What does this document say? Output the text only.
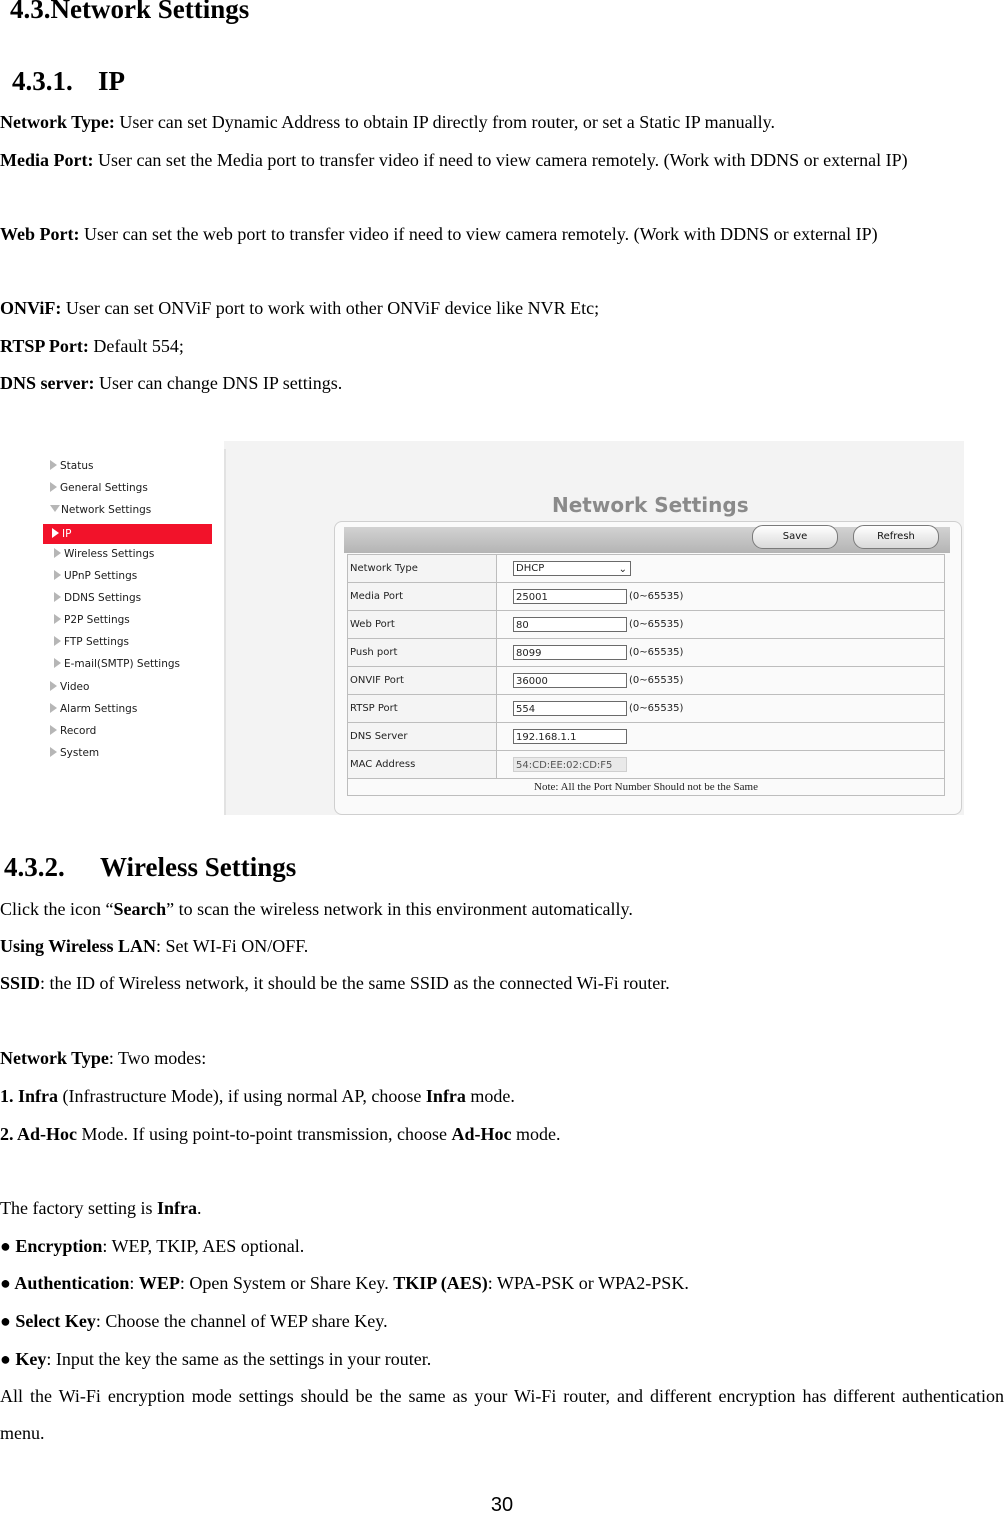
4.3.Network Settings
4.3.1. IP
Network Type: User can set Dynamic Address to obtain IP directly from router, or set a Static IP manually.
Media Port: User can set the Media port to transfer video if need to view camera remotely. (Work with DDNS or external IP)
Web Port: User can set the web port to transfer video if need to view camera remotely. (Work with DDNS or external IP)
ONViF: User can set ONViF port to work with other ONViF device like NVR Etc;
RTSP Port: Default 554;
DNS server: User can change DNS IP settings.
Status
General Settings
Network Settings
IP
Wireless Settings
UPnP Settings
DDNS Settings
P2P Settings
FTP Settings
E-mail(SMTP) Settings
Video
Alarm Settings
Record
System
Network Settings
Save	Refresh
Network Type	DHCP ⌄

Media Port	25001 (0~65535)
Web Port	80 (0~65535)
Push port	8099 (0~65535)
ONVIF Port	36000 (0~65535)
RTSP Port	554 (0~65535)
DNS Server	192.168.1.1
MAC Address	54:CD:EE:02:CD:F5
Note: All the Port Number Should not be the Same	
4.3.2. Wireless Settings
Click the icon “Search” to scan the wireless network in this environment automatically.
Using Wireless LAN: Set WI-Fi ON/OFF.
SSID: the ID of Wireless network, it should be the same SSID as the connected Wi-Fi router.
Network Type: Two modes:
1. Infra (Infrastructure Mode), if using normal AP, choose Infra mode.
2. Ad-Hoc Mode. If using point-to-point transmission, choose Ad-Hoc mode.
The factory setting is Infra.
● Encryption: WEP, TKIP, AES optional.
● Authentication: WEP: Open System or Share Key. TKIP (AES): WPA-PSK or WPA2-PSK.
● Select Key: Choose the channel of WEP share Key.
● Key: Input the key the same as the settings in your router.
All the Wi-Fi encryption mode settings should be the same as your Wi-Fi router, and different encryption has different authentication menu.
30
